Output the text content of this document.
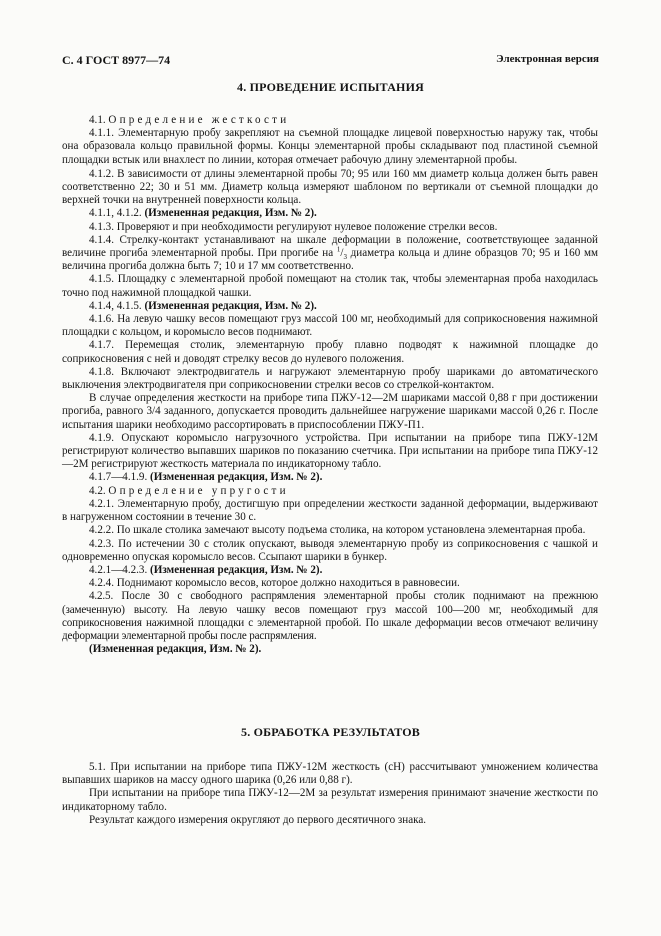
С. 4 ГОСТ 8977—74	Электронная версия
4. ПРОВЕДЕНИЕ ИСПЫТАНИЯ

4.1. Определение жесткости

4.1.1. Элементарную пробу закрепляют на съемной площадке лицевой поверхностью наружу так, чтобы она образовала кольцо правильной формы. Концы элементарной пробы складывают под пластиной съемной площадки встык или внахлест по линии, которая отмечает рабочую длину элементарной пробы.

4.1.2. В зависимости от длины элементарной пробы 70; 95 или 160 мм диаметр кольца должен быть равен соответственно 22; 30 и 51 мм. Диаметр кольца измеряют шаблоном по вертикали от съемной площадки до верхней точки на внутренней поверхности кольца.

4.1.1, 4.1.2. (Измененная редакция, Изм. № 2).

4.1.3. Проверяют и при необходимости регулируют нулевое положение стрелки весов.

4.1.4. Стрелку-контакт устанавливают на шкале деформации в положение, соответствующее заданной величине прогиба элементарной пробы. При прогибе на $^1/_3$ диаметра кольца и длине образцов 70; 95 и 160 мм величина прогиба должна быть 7; 10 и 17 мм соответственно.

4.1.5. Площадку с элементарной пробой помещают на столик так, чтобы элементарная проба находилась точно под нажимной площадкой чашки.

4.1.4, 4.1.5. (Измененная редакция, Изм. № 2).

4.1.6. На левую чашку весов помещают груз массой 100 мг, необходимый для соприкосновения нажимной площадки с кольцом, и коромысло весов поднимают.

4.1.7. Перемещая столик, элементарную пробу плавно подводят к нажимной площадке до соприкосновения с ней и доводят стрелку весов до нулевого положения.

4.1.8. Включают электродвигатель и нагружают элементарную пробу шариками до автоматического выключения электродвигателя при соприкосновении стрелки весов со стрелкой-контактом.

В случае определения жесткости на приборе типа ПЖУ-12—2М шариками массой 0,88 г при достижении прогиба, равного 3/4 заданного, допускается проводить дальнейшее нагружение шариками массой 0,26 г. После испытания шарики необходимо рассортировать в приспособлении ПЖУ-П1.

4.1.9. Опускают коромысло нагрузочного устройства. При испытании на приборе типа ПЖУ-12М регистрируют количество выпавших шариков по показанию счетчика. При испытании на приборе типа ПЖУ-12—2М регистрируют жесткость материала по индикаторному табло.

4.1.7—4.1.9. (Измененная редакция, Изм. № 2).

4.2. Определение упругости

4.2.1. Элементарную пробу, достигшую при определении жесткости заданной деформации, выдерживают в нагруженном состоянии в течение 30 с.

4.2.2. По шкале столика замечают высоту подъема столика, на котором установлена элементарная проба.

4.2.3. По истечении 30 с столик опускают, выводя элементарную пробу из соприкосновения с чашкой и одновременно опуская коромысло весов. Ссыпают шарики в бункер.

4.2.1—4.2.3. (Измененная редакция, Изм. № 2).

4.2.4. Поднимают коромысло весов, которое должно находиться в равновесии.

4.2.5. После 30 с свободного распрямления элементарной пробы столик поднимают на прежнюю (замеченную) высоту. На левую чашку весов помещают груз массой 100—200 мг, необходимый для соприкосновения нажимной площадки с элементарной пробой. По шкале деформации весов отмечают величину деформации элементарной пробы после распрямления.

(Измененная редакция, Изм. № 2).

5. ОБРАБОТКА РЕЗУЛЬТАТОВ

5.1. При испытании на приборе типа ПЖУ-12М жесткость (сН) рассчитывают умножением количества выпавших шариков на массу одного шарика (0,26 или 0,88 г).

При испытании на приборе типа ПЖУ-12—2М за результат измерения принимают значение жесткости по индикаторному табло.

Результат каждого измерения округляют до первого десятичного знака.
